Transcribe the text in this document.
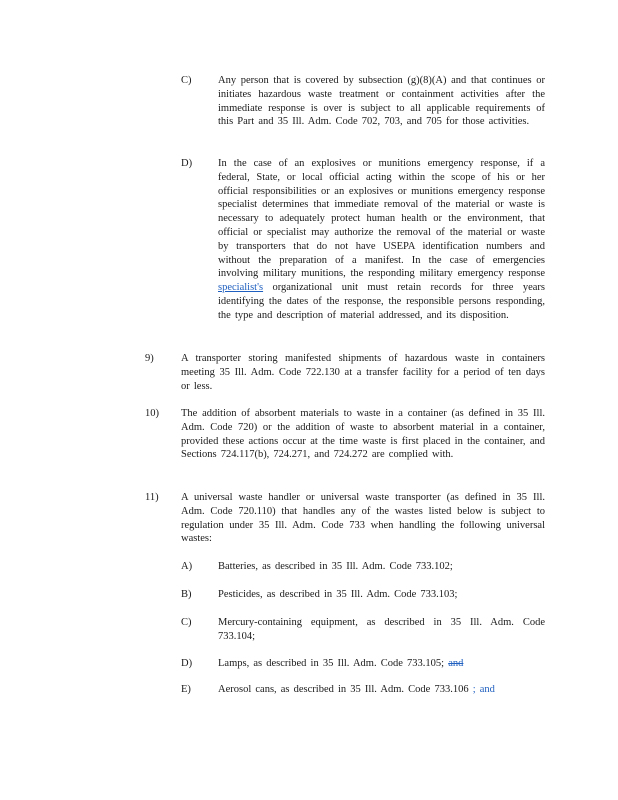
C)	Any person that is covered by subsection (g)(8)(A) and that continues or initiates hazardous waste treatment or containment activities after the immediate response is over is subject to all applicable requirements of this Part and 35 Ill. Adm. Code 702, 703, and 705 for those activities.
D) In the case of an explosives or munitions emergency response, if a federal, State, or local official acting within the scope of his or her official responsibilities or an explosives or munitions emergency response specialist determines that immediate removal of the material or waste is necessary to adequately protect human health or the environment, that official or specialist may authorize the removal of the material or waste by transporters that do not have USEPA identification numbers and without the preparation of a manifest. In the case of emergencies involving military munitions, the responding military emergency response specialist's organizational unit must retain records for three years identifying the dates of the response, the responsible persons responding, the type and description of material addressed, and its disposition.
9)	A transporter storing manifested shipments of hazardous waste in containers meeting 35 Ill. Adm. Code 722.130 at a transfer facility for a period of ten days or less.
10) The addition of absorbent materials to waste in a container (as defined in 35 Ill. Adm. Code 720) or the addition of waste to absorbent material in a container, provided these actions occur at the time waste is first placed in the container, and Sections 724.117(b), 724.271, and 724.272 are complied with.
11) A universal waste handler or universal waste transporter (as defined in 35 Ill. Adm. Code 720.110) that handles any of the wastes listed below is subject to regulation under 35 Ill. Adm. Code 733 when handling the following universal wastes:
A) Batteries, as described in 35 Ill. Adm. Code 733.102;
B)	Pesticides, as described in 35 Ill. Adm. Code 733.103;
C)	Mercury-containing equipment, as described in 35 Ill. Adm. Code 733.104;
D) Lamps, as described in 35 Ill. Adm. Code 733.105; and
E)	Aerosol cans, as described in 35 Ill. Adm. Code 733.106 ; and
